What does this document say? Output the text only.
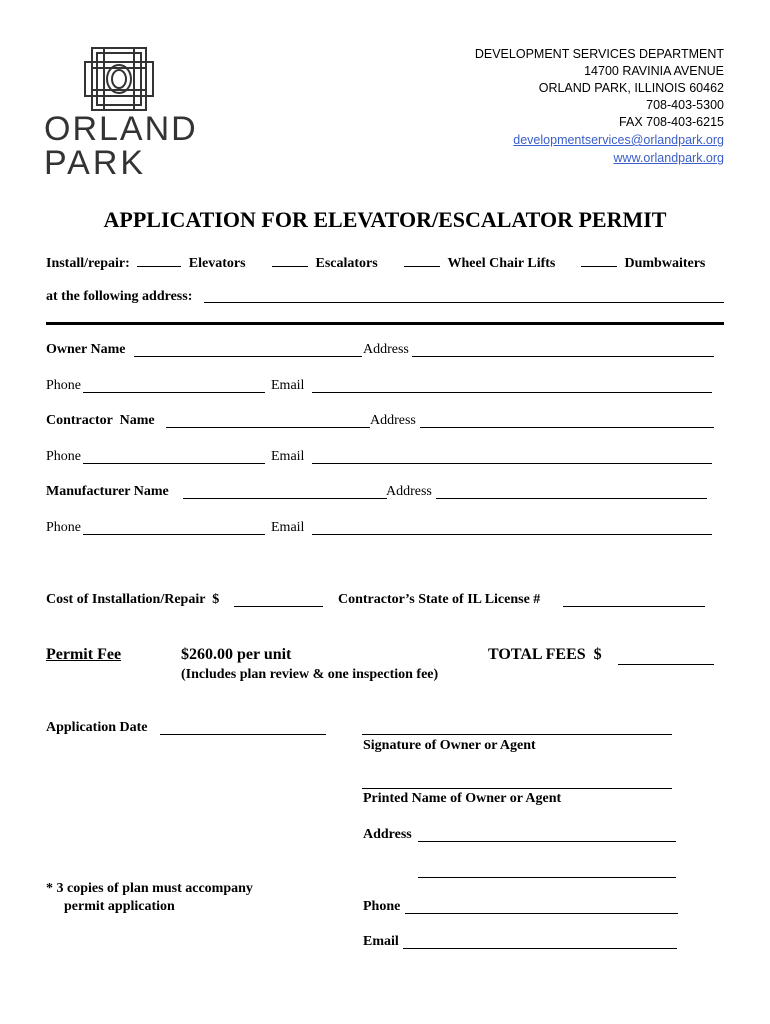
ORLAND
PARK
DEVELOPMENT SERVICES DEPARTMENT
14700 RAVINIA AVENUE
ORLAND PARK, ILLINOIS 60462
708-403-5300
FAX 708-403-6215
developmentservices@orlandpark.org
www.orlandpark.org
APPLICATION FOR ELEVATOR/ESCALATOR PERMIT
Install/repair:	Elevators	Escalators	Wheel Chair Lifts	Dumbwaiters
at the following address:
Owner Name	Address
Phone	Email
Contractor  Name	Address
Phone	Email
Manufacturer Name	Address
Phone	Email
Cost of Installation/Repair  $	Contractor’s State of IL License #
Permit Fee	$260.00 per unit
(Includes plan review & one inspection fee)
TOTAL FEES  $
Application Date
Signature of Owner or Agent
Printed Name of Owner or Agent
Address
Phone
Email
* 3 copies of plan must accompany
permit application
